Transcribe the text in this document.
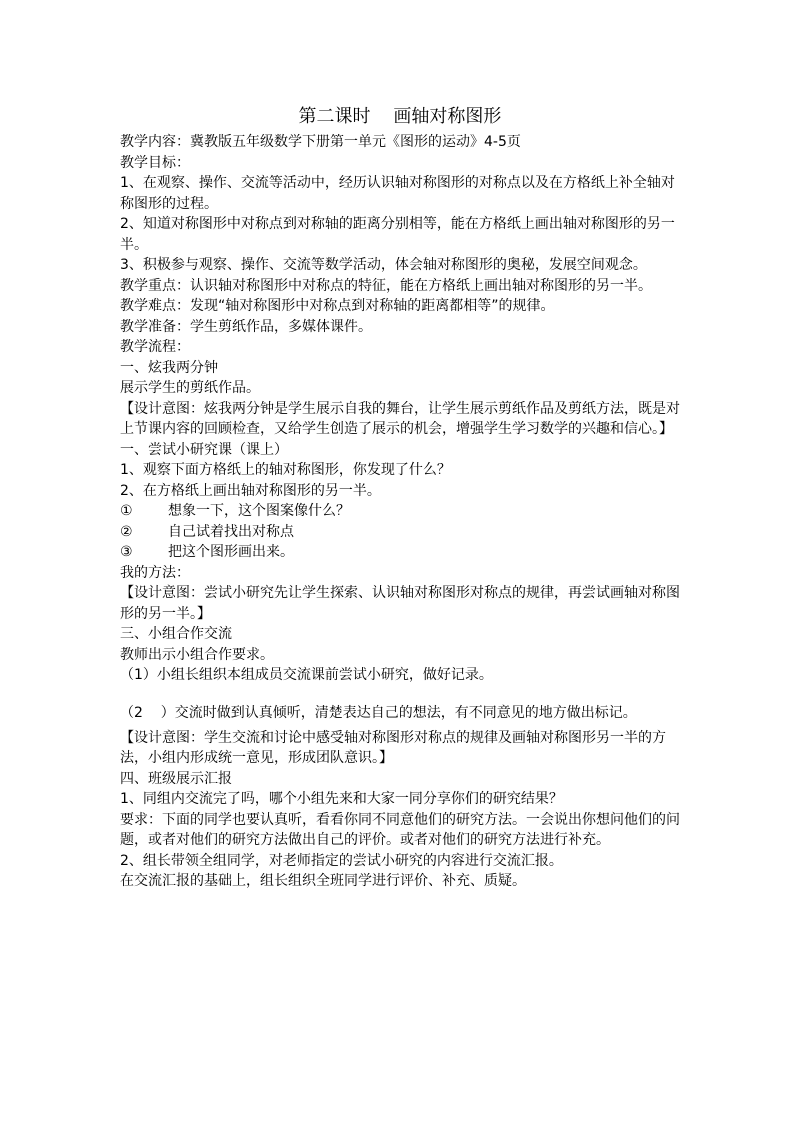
第二课时    画轴对称图形

教学内容：冀教版五年级数学下册第一单元《图形的运动》4-5页

教学目标：

1、在观察、操作、交流等活动中，经历认识轴对称图形的对称点以及在方格纸上补全轴对称图形的过程。

2、知道对称图形中对称点到对称轴的距离分别相等，能在方格纸上画出轴对称图形的另一半。

3、积极参与观察、操作、交流等数学活动，体会轴对称图形的奥秘，发展空间观念。

教学重点：认识轴对称图形中对称点的特征，能在方格纸上画出轴对称图形的另一半。

教学难点：发现“轴对称图形中对称点到对称轴的距离都相等”的规律。

教学准备：学生剪纸作品，多媒体课件。

教学流程：

一、炫我两分钟

展示学生的剪纸作品。

【设计意图：炫我两分钟是学生展示自我的舞台，让学生展示剪纸作品及剪纸方法，既是对上节课内容的回顾检查，又给学生创造了展示的机会，增强学生学习数学的兴趣和信心。】

一、尝试小研究课（课上）

1、观察下面方格纸上的轴对称图形，你发现了什么？

2、在方格纸上画出轴对称图形的另一半。

①	想象一下，这个图案像什么？

②	自己试着找出对称点

③	把这个图形画出来。

我的方法：

【设计意图：尝试小研究先让学生探索、认识轴对称图形对称点的规律，再尝试画轴对称图形的另一半。】

三、小组合作交流

教师出示小组合作要求。

（1）小组长组织本组成员交流课前尝试小研究，做好记录。

（2    ）交流时做到认真倾听，清楚表达自己的想法，有不同意见的地方做出标记。

【设计意图：学生交流和讨论中感受轴对称图形对称点的规律及画轴对称图形另一半的方法，小组内形成统一意见，形成团队意识。】

四、班级展示汇报

1、同组内交流完了吗，哪个小组先来和大家一同分享你们的研究结果？

要求：下面的同学也要认真听，看看你同不同意他们的研究方法。一会说出你想问他们的问题，或者对他们的研究方法做出自己的评价。或者对他们的研究方法进行补充。

2、组长带领全组同学，对老师指定的尝试小研究的内容进行交流汇报。

在交流汇报的基础上，组长组织全班同学进行评价、补充、质疑。
